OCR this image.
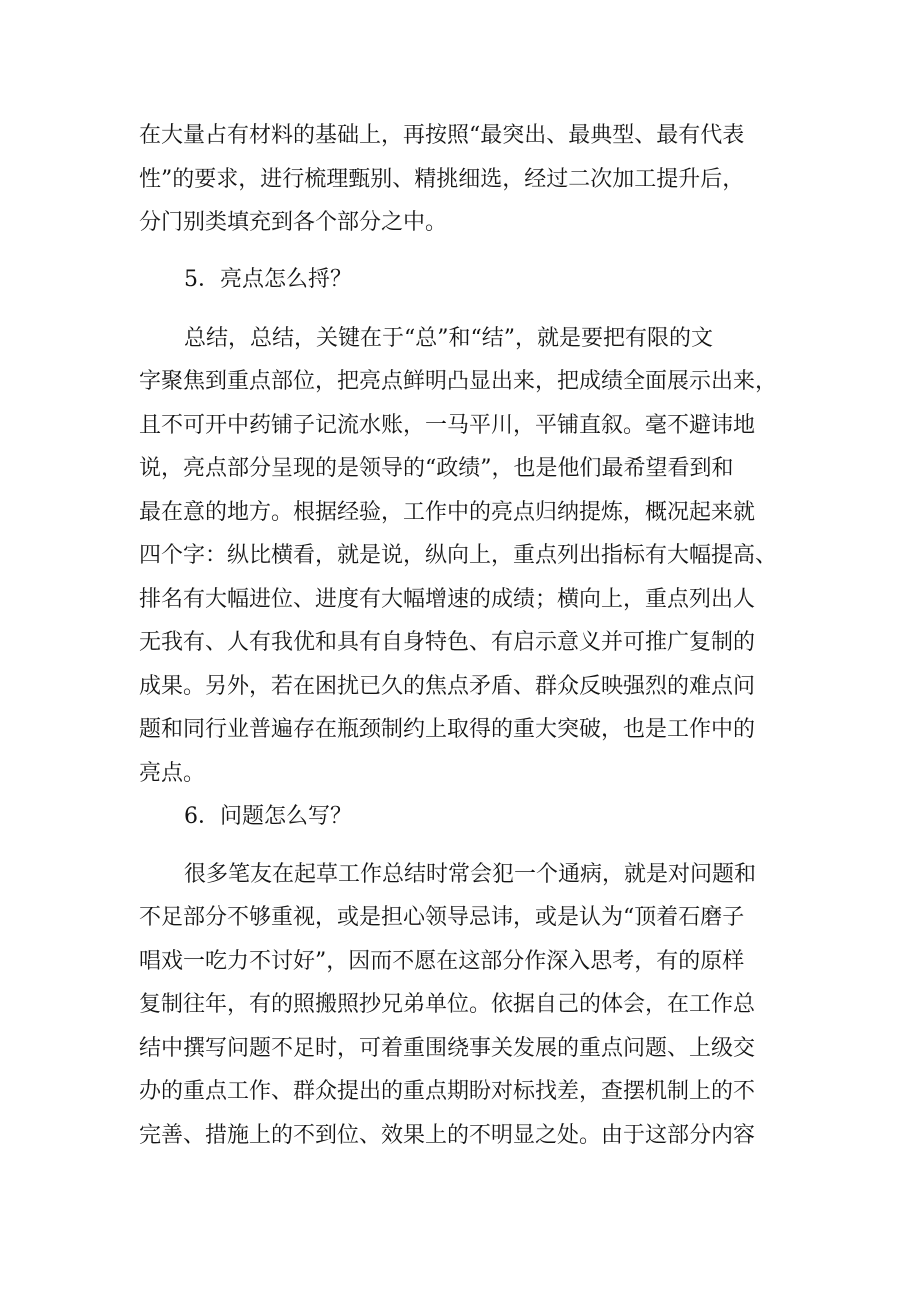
在大量占有材料的基础上，再按照“最突出、最典型、最有代表
性”的要求，进行梳理甄别、精挑细选，经过二次加工提升后，
分门别类填充到各个部分之中。
5．亮点怎么捋？
总结，总结，关键在于“总”和“结”，就是要把有限的文
字聚焦到重点部位，把亮点鲜明凸显出来，把成绩全面展示出来，
且不可开中药铺子记流水账，一马平川，平铺直叙。毫不避讳地
说，亮点部分呈现的是领导的“政绩”，也是他们最希望看到和
最在意的地方。根据经验，工作中的亮点归纳提炼，概况起来就
四个字：纵比横看，就是说，纵向上，重点列出指标有大幅提高、
排名有大幅进位、进度有大幅增速的成绩；横向上，重点列出人
无我有、人有我优和具有自身特色、有启示意义并可推广复制的
成果。另外，若在困扰已久的焦点矛盾、群众反映强烈的难点问
题和同行业普遍存在瓶颈制约上取得的重大突破，也是工作中的
亮点。
6．问题怎么写？
很多笔友在起草工作总结时常会犯一个通病，就是对问题和
不足部分不够重视，或是担心领导忌讳，或是认为“顶着石磨子
唱戏一吃力不讨好”，因而不愿在这部分作深入思考，有的原样
复制往年，有的照搬照抄兄弟单位。依据自己的体会，在工作总
结中撰写问题不足时，可着重围绕事关发展的重点问题、上级交
办的重点工作、群众提出的重点期盼对标找差，查摆机制上的不
完善、措施上的不到位、效果上的不明显之处。由于这部分内容
